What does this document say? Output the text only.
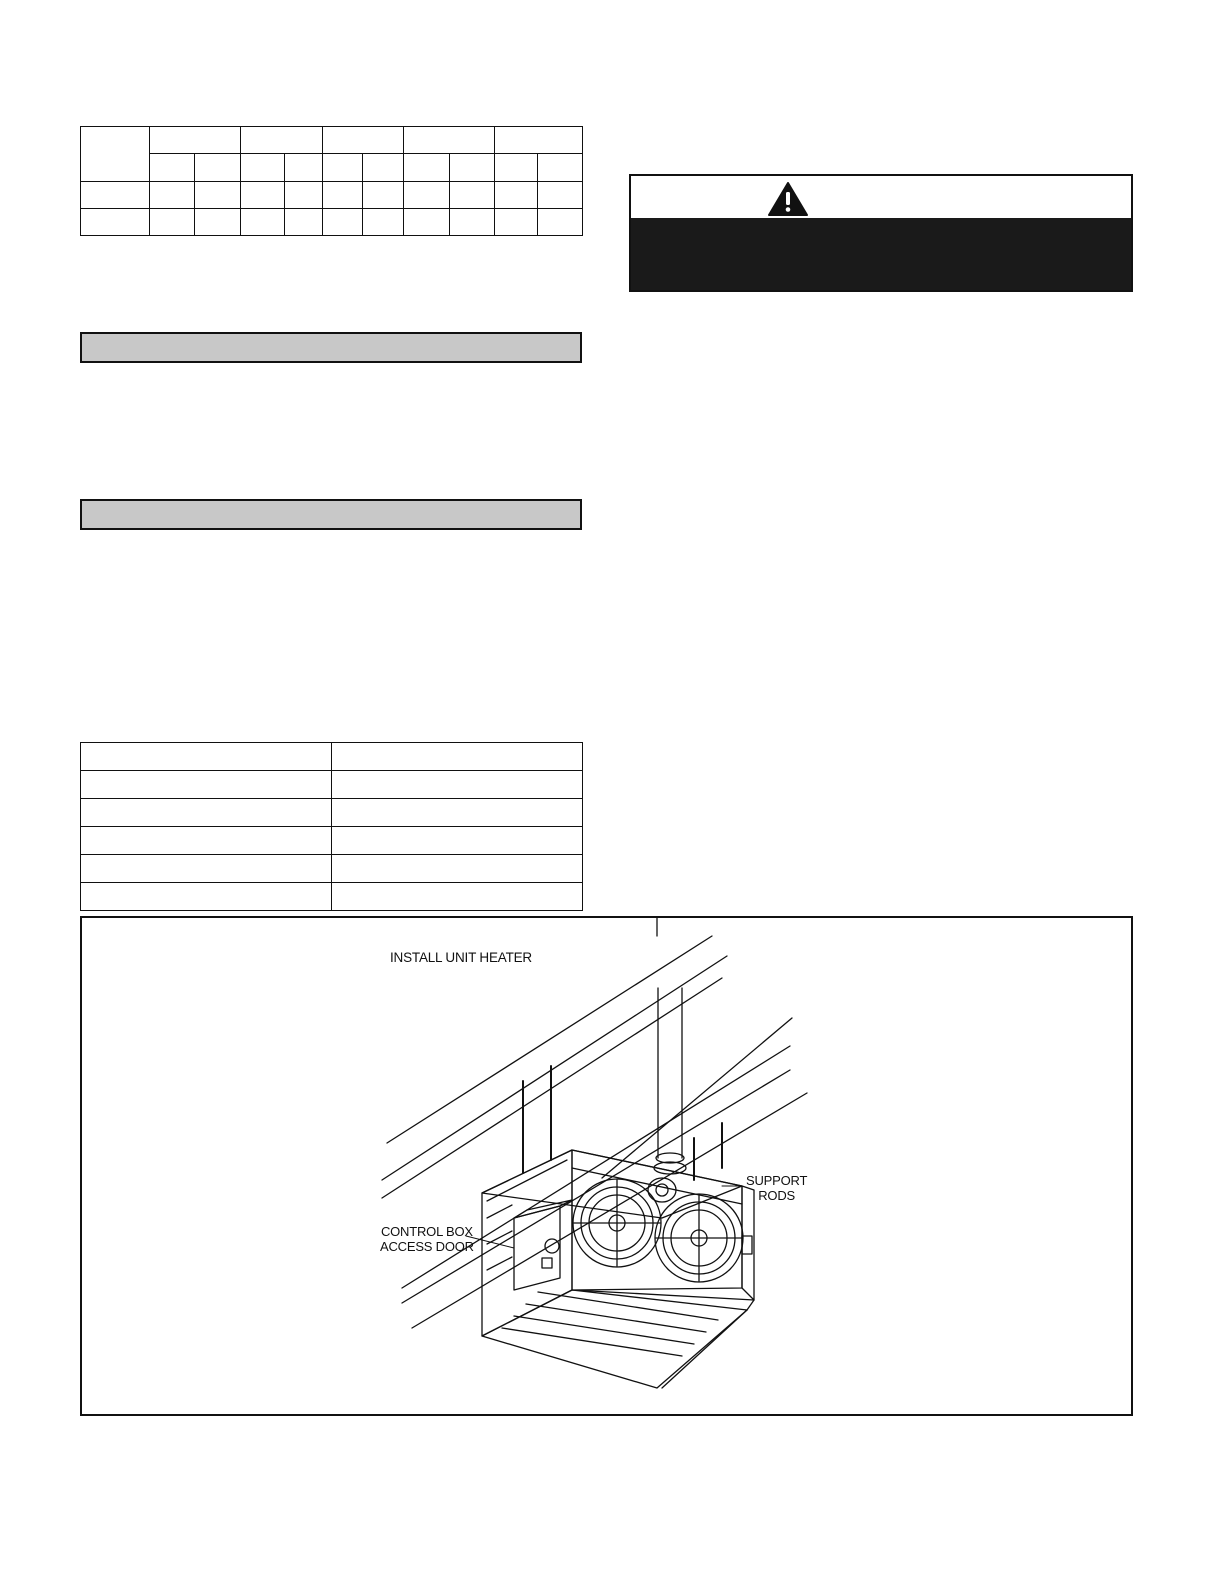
INSTALL UNIT HEATER
SUPPORT
RODS
CONTROL BOX
ACCESS DOOR
